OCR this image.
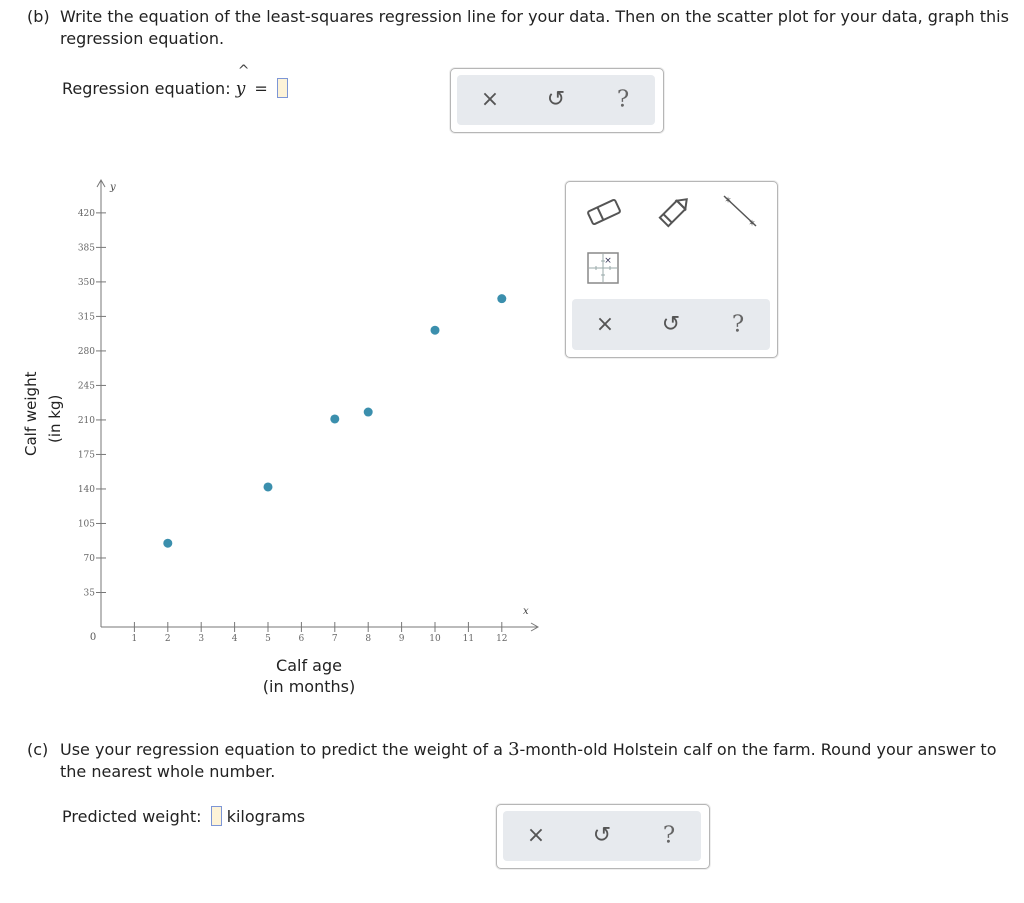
(b) Write the equation of the least-squares regression line for your data. Then on the scatter plot for your data, graph this regression equation.
Regression equation:
^
y =	× ↺ ?
x
y
0	1	2	3	4	5	6	7	8	9	10 11 12
35
70
105
140
175
210
245
280
315
350
385
420
Calf weight (in kg)
Calf age
(in months)
✶
✶
×
× ↺ ?
(c) Use your regression equation to predict the weight of a 3-month-old Holstein calf on the farm. Round your answer to the nearest whole number.
Predicted weight: kilograms
× ↺ ?
